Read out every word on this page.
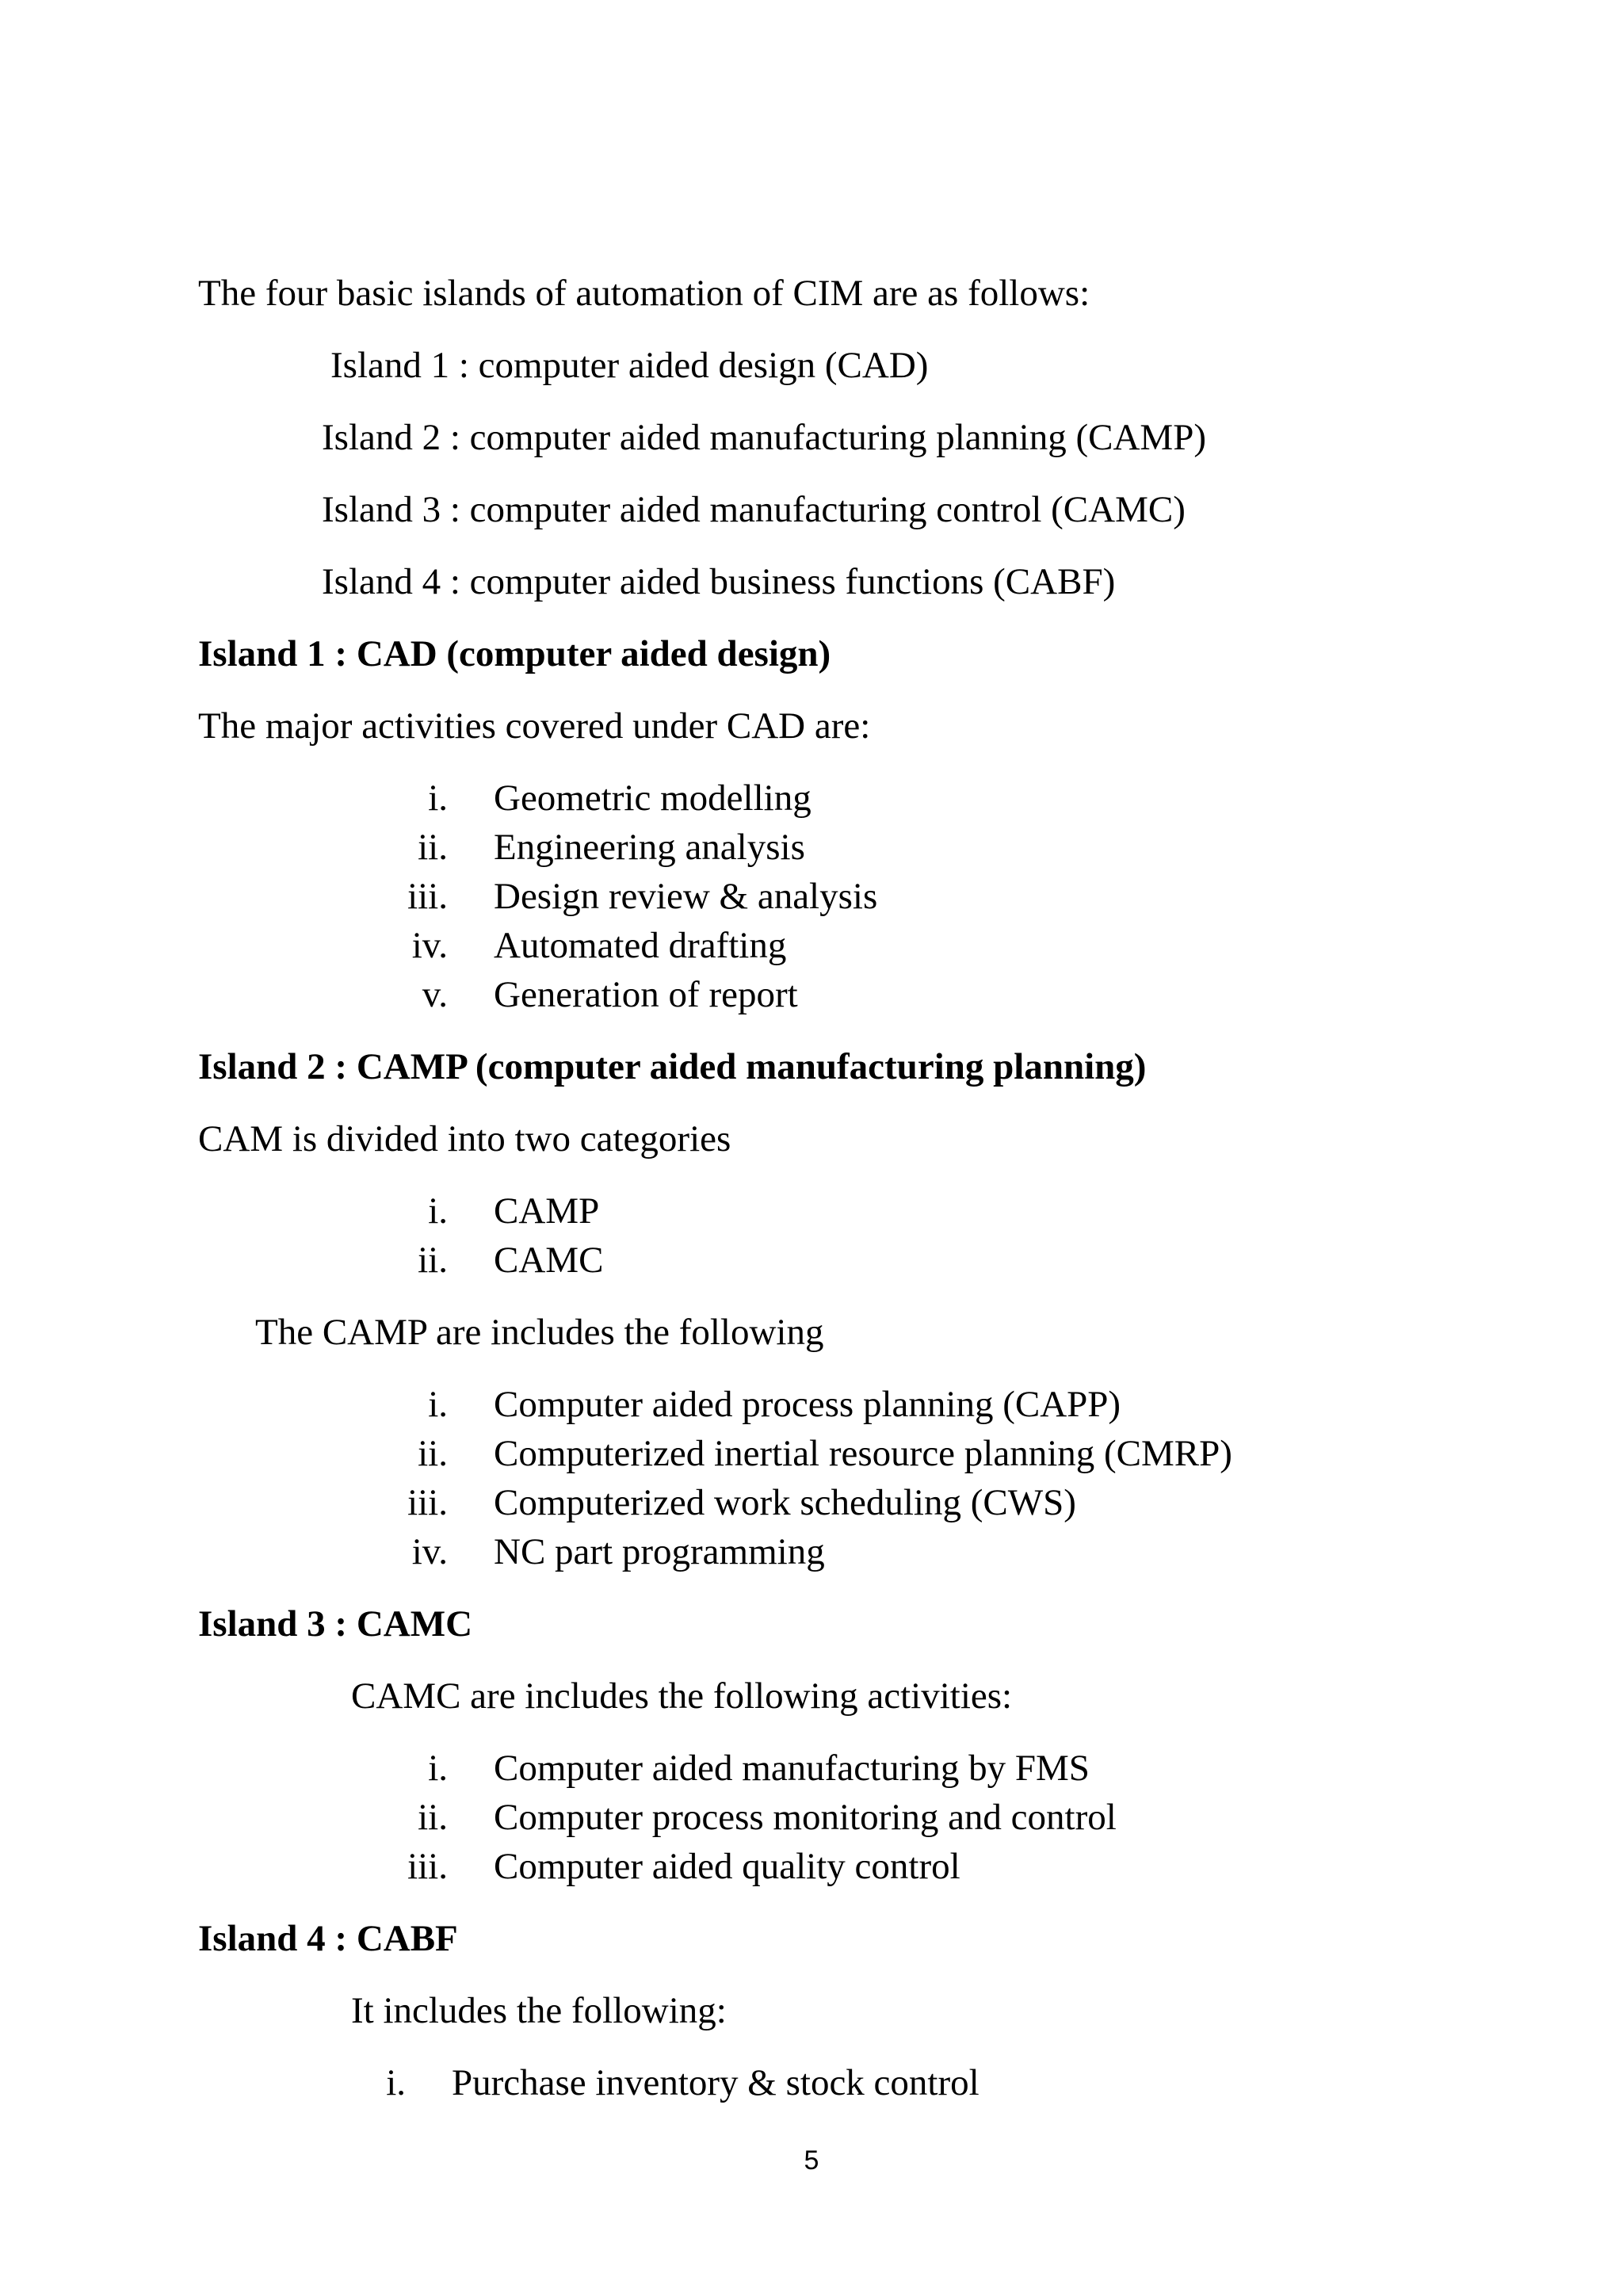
The four basic islands of automation of CIM are as follows:

Island 1 : computer aided design (CAD)

Island 2 : computer aided manufacturing planning (CAMP)

Island 3 : computer aided manufacturing control (CAMC)

Island 4 : computer aided business functions (CABF)

Island 1 : CAD (computer aided design)

The major activities covered under CAD are:

i. Geometric modelling
ii. Engineering analysis
iii. Design review & analysis
iv. Automated drafting
v. Generation of report

Island 2 : CAMP (computer aided manufacturing planning)

CAM is divided into two categories

i. CAMP
ii. CAMC

The CAMP are includes the following

i. Computer aided process planning (CAPP)
ii. Computerized inertial resource planning (CMRP)
iii. Computerized work scheduling (CWS)
iv. NC part programming

Island 3 : CAMC

CAMC are includes the following activities:

i. Computer aided manufacturing by FMS
ii. Computer process monitoring and control
iii. Computer aided quality control

Island 4 : CABF

It includes the following:

i. Purchase inventory & stock control
5
